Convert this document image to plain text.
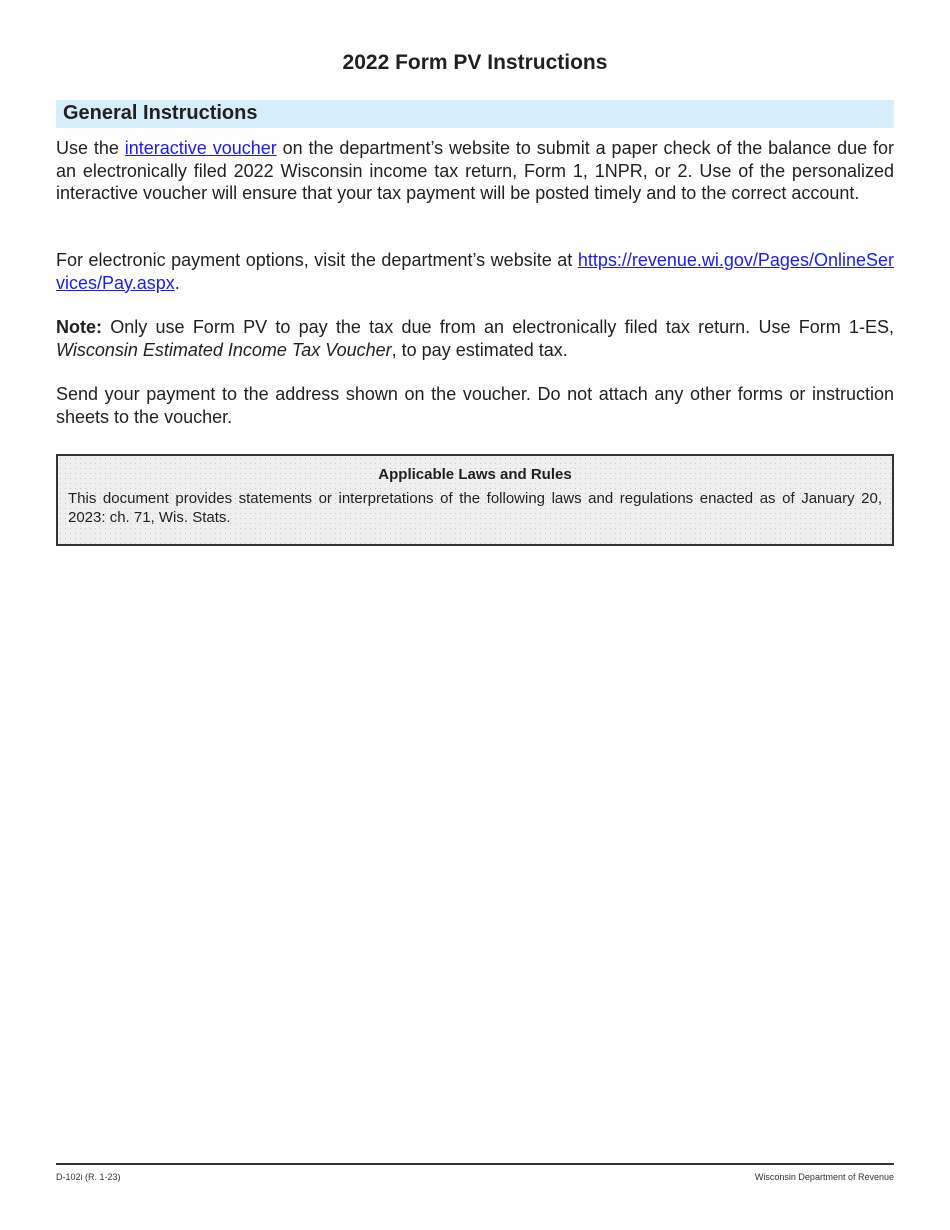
2022 Form PV Instructions
General Instructions

Use the interactive voucher on the department’s website to submit a paper check of the balance due for an electronically filed 2022 Wisconsin income tax return, Form 1, 1NPR, or 2. Use of the personalized interactive voucher will ensure that your tax payment will be posted timely and to the correct account.

For electronic payment options, visit the department’s website at https://revenue.wi.gov/Pages/OnlineServices/Pay.aspx.

Note: Only use Form PV to pay the tax due from an electronically filed tax return. Use Form 1-ES, Wisconsin Estimated Income Tax Voucher, to pay estimated tax.

Send your payment to the address shown on the voucher. Do not attach any other forms or instruction sheets to the voucher.

Applicable Laws and Rules
This document provides statements or interpretations of the following laws and regulations enacted as of January 20, 2023: ch. 71, Wis. Stats.
D-102i (R. 1-23)	Wisconsin Department of Revenue
